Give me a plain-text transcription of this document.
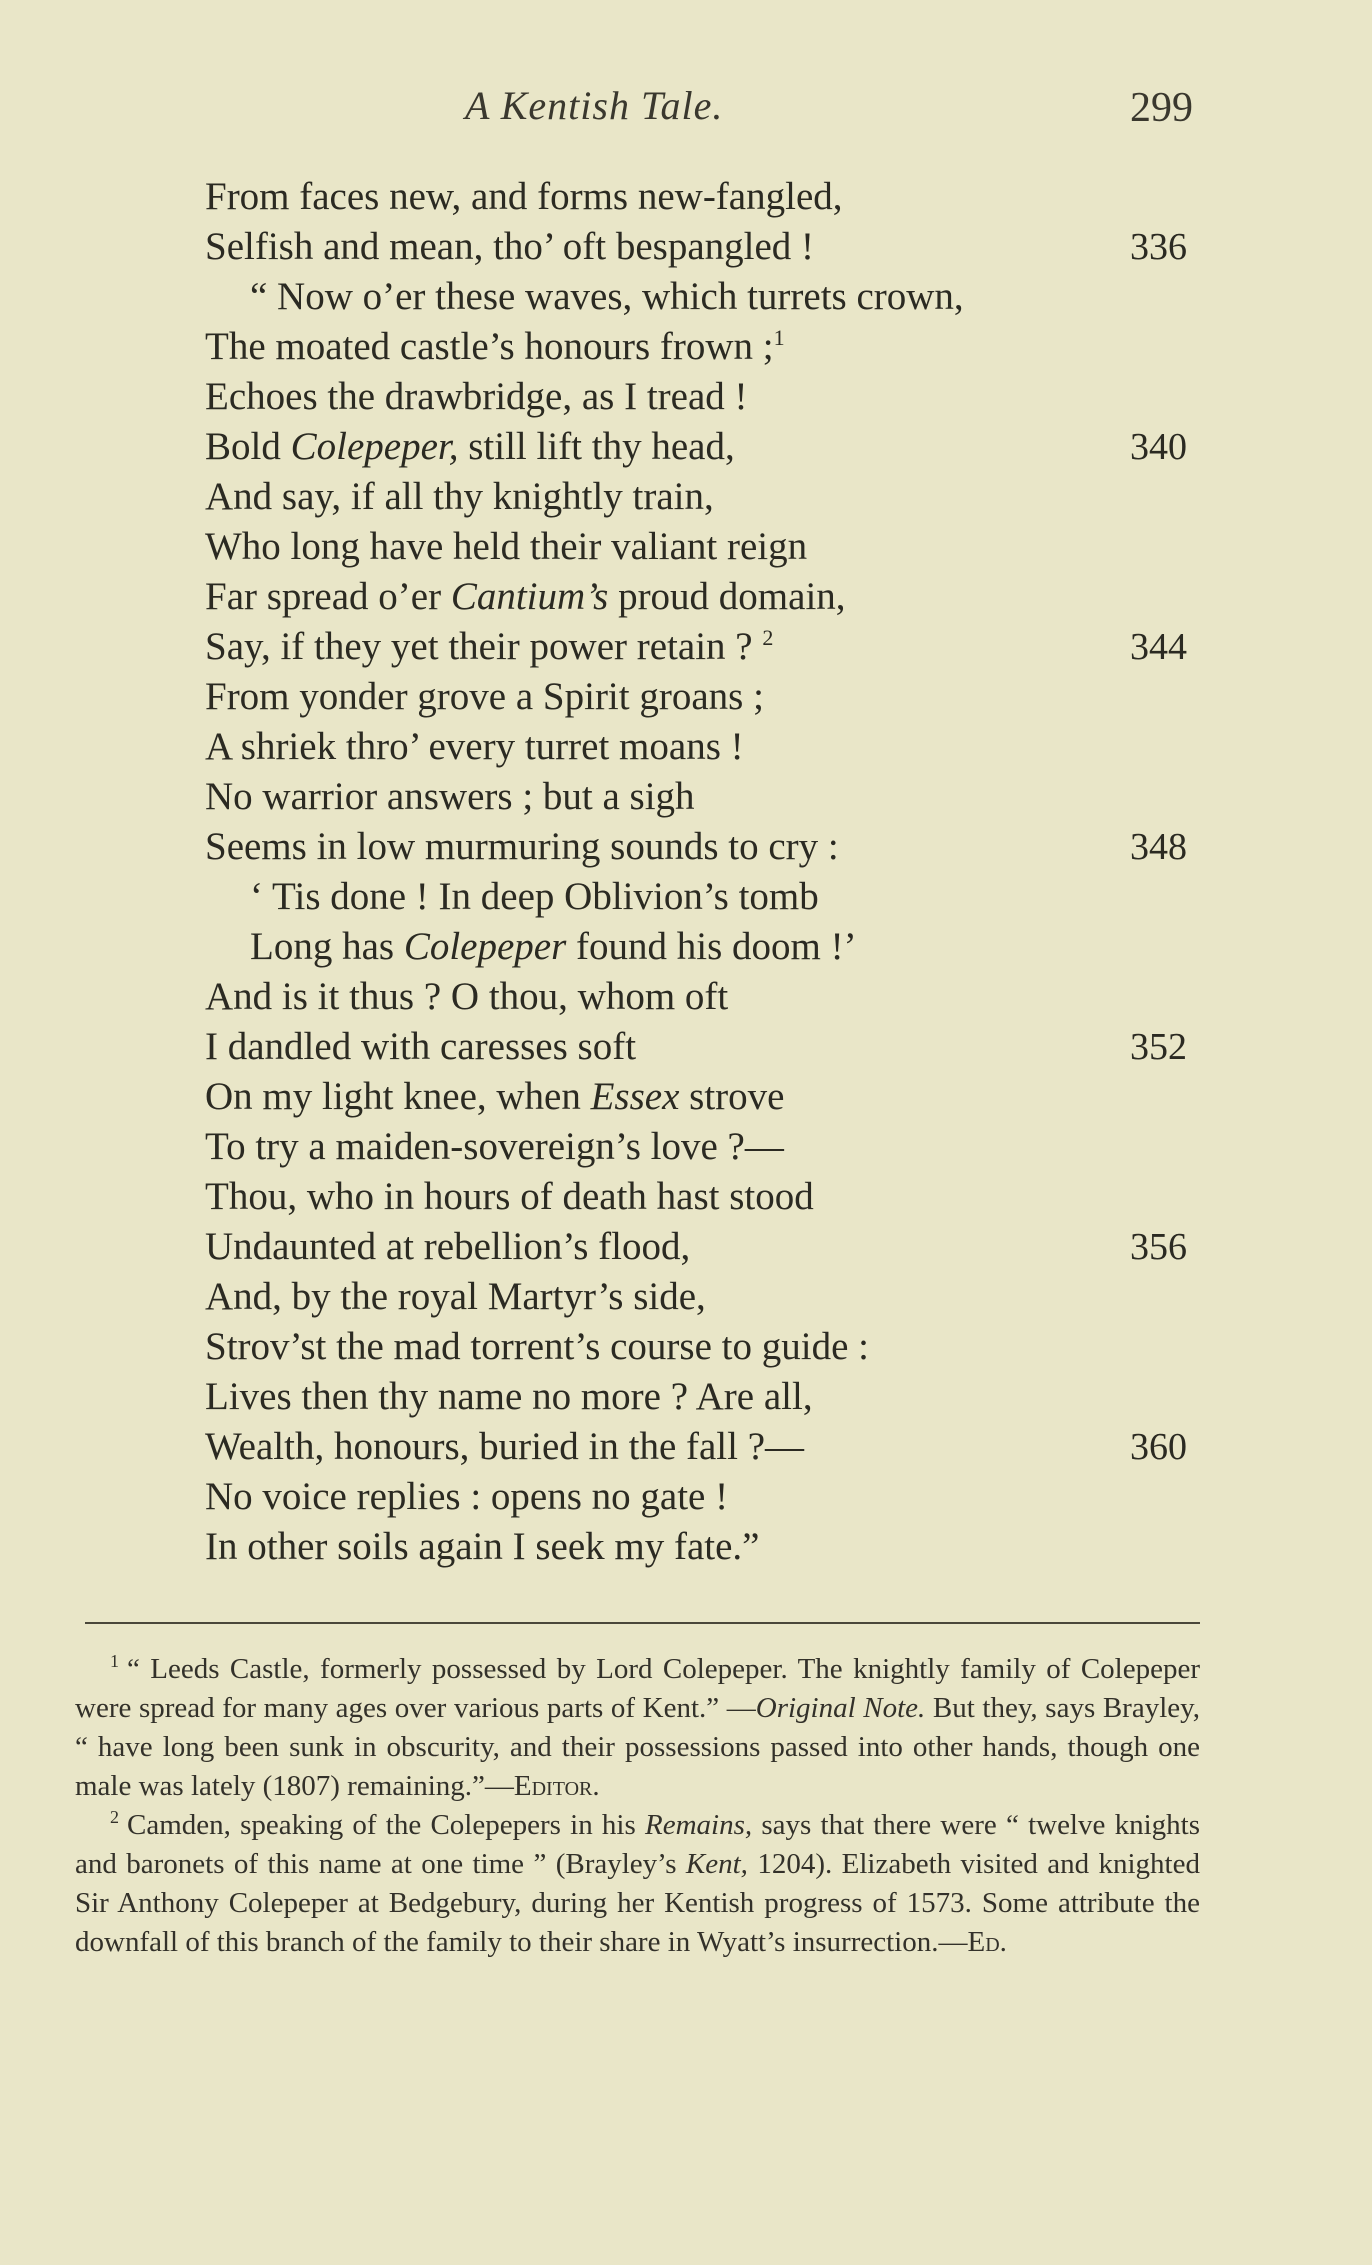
A Kentish Tale.	299
From faces new, and forms new-fangled,
Selfish and mean, tho’ oft bespangled !	336
“ Now o’er these waves, which turrets crown,
The moated castle’s honours frown ;$^1$
Echoes the drawbridge, as I tread !
Bold Colepeper, still lift thy head,	340
And say, if all thy knightly train,
Who long have held their valiant reign
Far spread o’er Cantium’s proud domain,
Say, if they yet their power retain ? $^2$	344
From yonder grove a Spirit groans ;
A shriek thro’ every turret moans !
No warrior answers ; but a sigh
Seems in low murmuring sounds to cry :	348
‘ Tis done ! In deep Oblivion’s tomb
Long has Colepeper found his doom !’
And is it thus ? O thou, whom oft
I dandled with caresses soft	352
On my light knee, when Essex strove
To try a maiden-sovereign’s love ?—
Thou, who in hours of death hast stood
Undaunted at rebellion’s flood,	356
And, by the royal Martyr’s side,
Strov’st the mad torrent’s course to guide :
Lives then thy name no more ? Are all,
Wealth, honours, buried in the fall ?—	360
No voice replies : opens no gate !
In other soils again I seek my fate.”

$^1$ “ Leeds Castle, formerly possessed by Lord Colepeper. The knightly family of Colepeper were spread for many ages over various parts of Kent.” —Original Note. But they, says Brayley, “ have long been sunk in obscurity, and their possessions passed into other hands, though one male was lately (1807) remaining.”—Editor.

$^2$ Camden, speaking of the Colepepers in his Remains, says that there were “ twelve knights and baronets of this name at one time ” (Brayley’s Kent, 1204). Elizabeth visited and knighted Sir Anthony Colepeper at Bedgebury, during her Kentish progress of 1573. Some attribute the downfall of this branch of the family to their share in Wyatt’s insurrection.—Ed.
